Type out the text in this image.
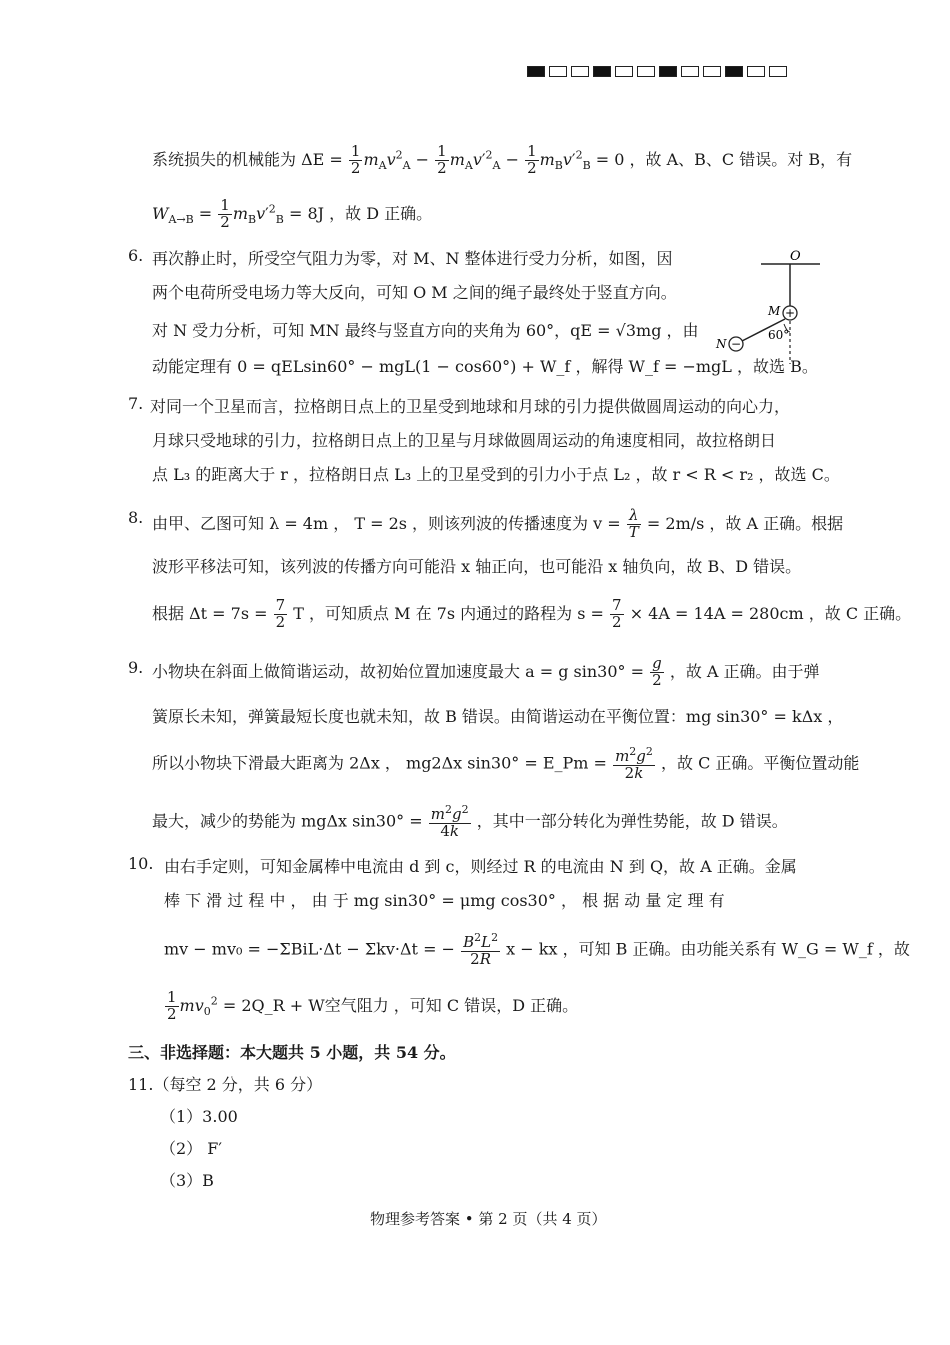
系统损失的机械能为 $\Delta E = \frac{1}{2} m_Av^2_A - \frac{1}{2} m_Av'^2_A - \frac{1}{2} m_Bv'^2_B = 0$ ，故 A、B、C 错误。对 B，有
$W_{A\to B} = \frac{1}{2} m_Bv'^2_B = 8J$ ，故 D 正确。
6. 再次静止时，所受空气阻力为零，对 M、N 整体进行受力分析，如图，因
两个电荷所受电场力等大反向，可知 O M 之间的绳子最终处于竖直方向。
对 N 受力分析，可知 MN 最终与竖直方向的夹角为 60°，qE = √3mg ，由
动能定理有 0 = qELsin60° − mgL(1 − cos60°) + W_f ，解得 W_f = −mgL ，故选 B。
O
+
M
−
N
60°
7. 对同一个卫星而言，拉格朗日点上的卫星受到地球和月球的引力提供做圆周运动的向心力，
月球只受地球的引力，拉格朗日点上的卫星与月球做圆周运动的角速度相同，故拉格朗日
点 L₃ 的距离大于 r ，拉格朗日点 L₃ 上的卫星受到的引力小于点 L₂ ，故 r < R < r₂ ，故选 C。
8. 由甲、乙图可知 λ = 4m ， T = 2s ，则该列波的传播速度为 $v = \frac{\lambda}{T} = 2m/s$ ，故 A 正确。根据
波形平移法可知，该列波的传播方向可能沿 x 轴正向，也可能沿 x 轴负向，故 B、D 错误。
根据 $\Delta t = 7s = \frac{7}{2}$ T ，可知质点 M 在 7s 内通过的路程为 $s = \frac{7}{2} \times 4A = 14A = 280cm$ ，故 C 正确。
9. 小物块在斜面上做简谐运动，故初始位置加速度最大 a = g $\sin 30^\circ = \frac{g}{2}$ ，故 A 正确。由于弹
簧原长未知，弹簧最短长度也就未知，故 B 错误。由简谐运动在平衡位置：mg sin30° = kΔx ，
所以小物块下滑最大距离为 2Δx ， mg2Δx sin30° = E_Pm = $\frac{m^2g^2}{2k}$ ，故 C 正确。平衡位置动能
最大，减少的势能为 mgΔx $\sin 30^\circ = \frac{m^2g^2}{4k}$ ，其中一部分转化为弹性势能，故 D 错误。
10. 由右手定则，可知金属棒中电流由 d 到 c，则经过 R 的电流由 N 到 Q，故 A 正确。金属
棒 下 滑 过 程 中 ， 由 于 mg sin30° = μmg cos30° ， 根 据 动 量 定 理 有
mv − mv₀ = −ΣBiL·Δt − Σkv·Δt = − $\frac{B^2L^2}{2R}$ x − kx ，可知 B 正确。由功能关系有 W_G = W_f ，故
$\frac{1}{2} mv_0^2$ = 2Q_R + W空气阻力 ，可知 C 错误，D 正确。
三、非选择题：本大题共 5 小题，共 54 分。
11.（每空 2 分，共 6 分）
（1）3.00
（2） F′
（3）B
物理参考答案 • 第 2 页（共 4 页）
